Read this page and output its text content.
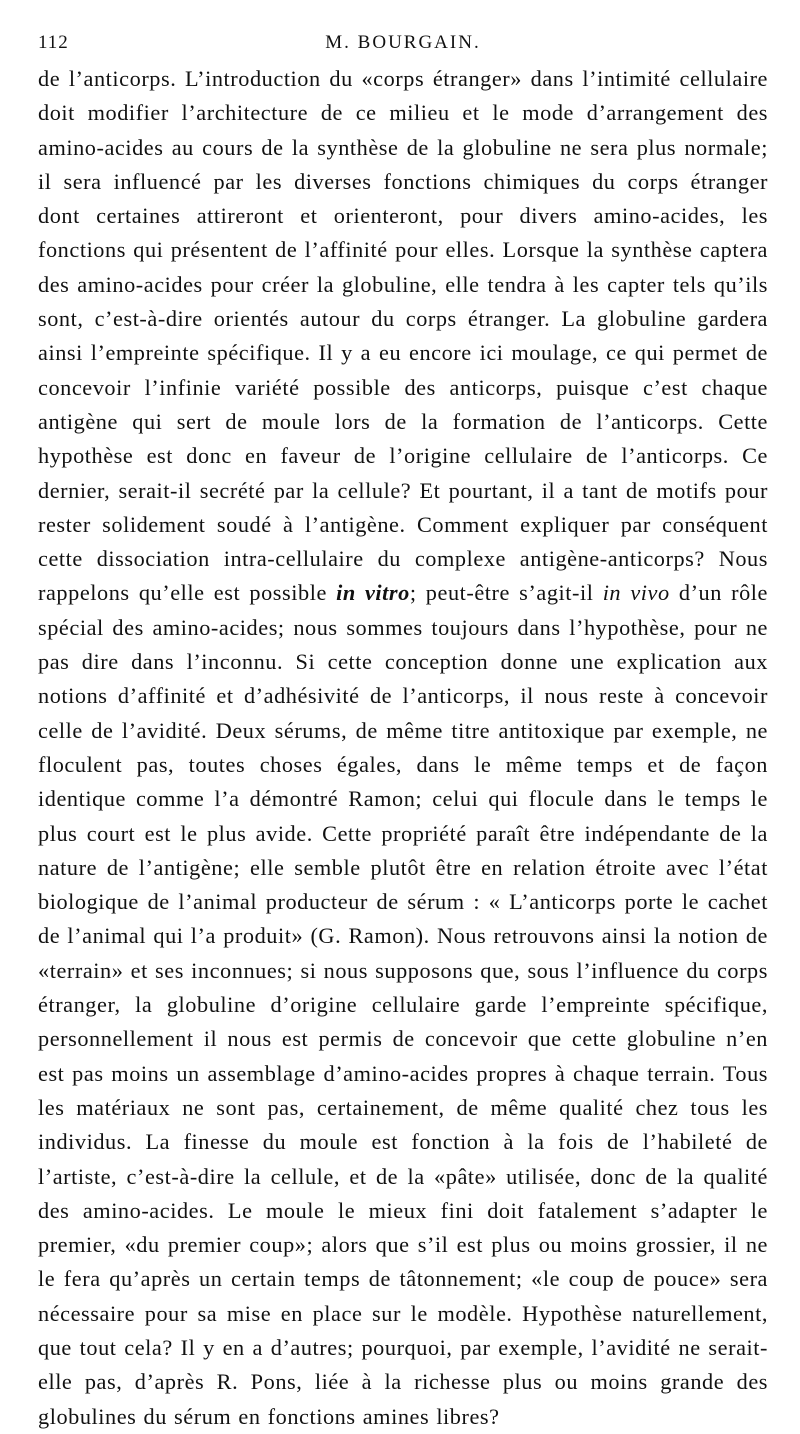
112	M. BOURGAIN.

de l’anticorps. L’introduction du «corps étranger» dans l’intimité cellulaire doit modifier l’architecture de ce milieu et le mode d’arrangement des amino-acides au cours de la synthèse de la globuline ne sera plus normale; il sera influencé par les diverses fonctions chimiques du corps étranger dont certaines attireront et orienteront, pour divers amino-acides, les fonctions qui présentent de l’affinité pour elles. Lorsque la synthèse captera des amino-acides pour créer la globuline, elle tendra à les capter tels qu’ils sont, c’est-à-dire orientés autour du corps étranger. La globuline gardera ainsi l’empreinte spécifique. Il y a eu encore ici moulage, ce qui permet de concevoir l’infinie variété possible des anticorps, puisque c’est chaque antigène qui sert de moule lors de la formation de l’anticorps. Cette hypothèse est donc en faveur de l’origine cellulaire de l’anticorps. Ce dernier, serait-il secrété par la cellule? Et pourtant, il a tant de motifs pour rester solidement soudé à l’antigène. Comment expliquer par conséquent cette dissociation intra-cellulaire du complexe antigène-anticorps? Nous rappelons qu’elle est possible in vitro; peut-être s’agit-il in vivo d’un rôle spécial des amino-acides; nous sommes toujours dans l’hypothèse, pour ne pas dire dans l’inconnu. Si cette conception donne une explication aux notions d’affinité et d’adhésivité de l’anticorps, il nous reste à concevoir celle de l’avidité. Deux sérums, de même titre antitoxique par exemple, ne floculent pas, toutes choses égales, dans le même temps et de façon identique comme l’a démontré Ramon; celui qui flocule dans le temps le plus court est le plus avide. Cette propriété paraît être indépendante de la nature de l’antigène; elle semble plutôt être en relation étroite avec l’état biologique de l’animal producteur de sérum : « L’anticorps porte le cachet de l’animal qui l’a produit» (G. Ramon). Nous retrouvons ainsi la notion de «terrain» et ses inconnues; si nous supposons que, sous l’influence du corps étranger, la globuline d’origine cellulaire garde l’empreinte spécifique, personnellement il nous est permis de concevoir que cette globuline n’en est pas moins un assemblage d’amino-acides propres à chaque terrain. Tous les matériaux ne sont pas, certainement, de même qualité chez tous les individus. La finesse du moule est fonction à la fois de l’habileté de l’artiste, c’est-à-dire la cellule, et de la «pâte» utilisée, donc de la qualité des amino-acides. Le moule le mieux fini doit fatalement s’adapter le premier, «du premier coup»; alors que s’il est plus ou moins grossier, il ne le fera qu’après un certain temps de tâtonnement; «le coup de pouce» sera nécessaire pour sa mise en place sur le modèle. Hypothèse naturellement, que tout cela? Il y en a d’autres; pourquoi, par exemple, l’avidité ne serait-elle pas, d’après R. Pons, liée à la richesse plus ou moins grande des globulines du sérum en fonctions amines libres?
